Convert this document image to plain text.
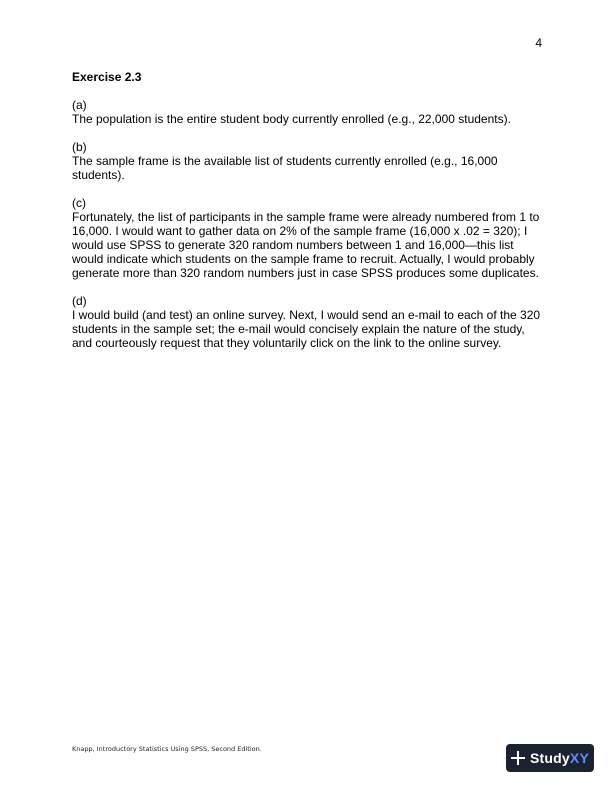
4
Exercise 2.3
(a)
The population is the entire student body currently enrolled (e.g., 22,000 students).
(b)
The sample frame is the available list of students currently enrolled (e.g., 16,000 students).
(c)
Fortunately, the list of participants in the sample frame were already numbered from 1 to 16,000. I would want to gather data on 2% of the sample frame (16,000 x .02 = 320); I would use SPSS to generate 320 random numbers between 1 and 16,000—this list would indicate which students on the sample frame to recruit. Actually, I would probably generate more than 320 random numbers just in case SPSS produces some duplicates.
(d)
I would build (and test) an online survey. Next, I would send an e-mail to each of the 320 students in the sample set; the e-mail would concisely explain the nature of the study, and courteously request that they voluntarily click on the link to the online survey.
Knapp, Introductory Statistics Using SPSS, Second Edition.
StudyXY
